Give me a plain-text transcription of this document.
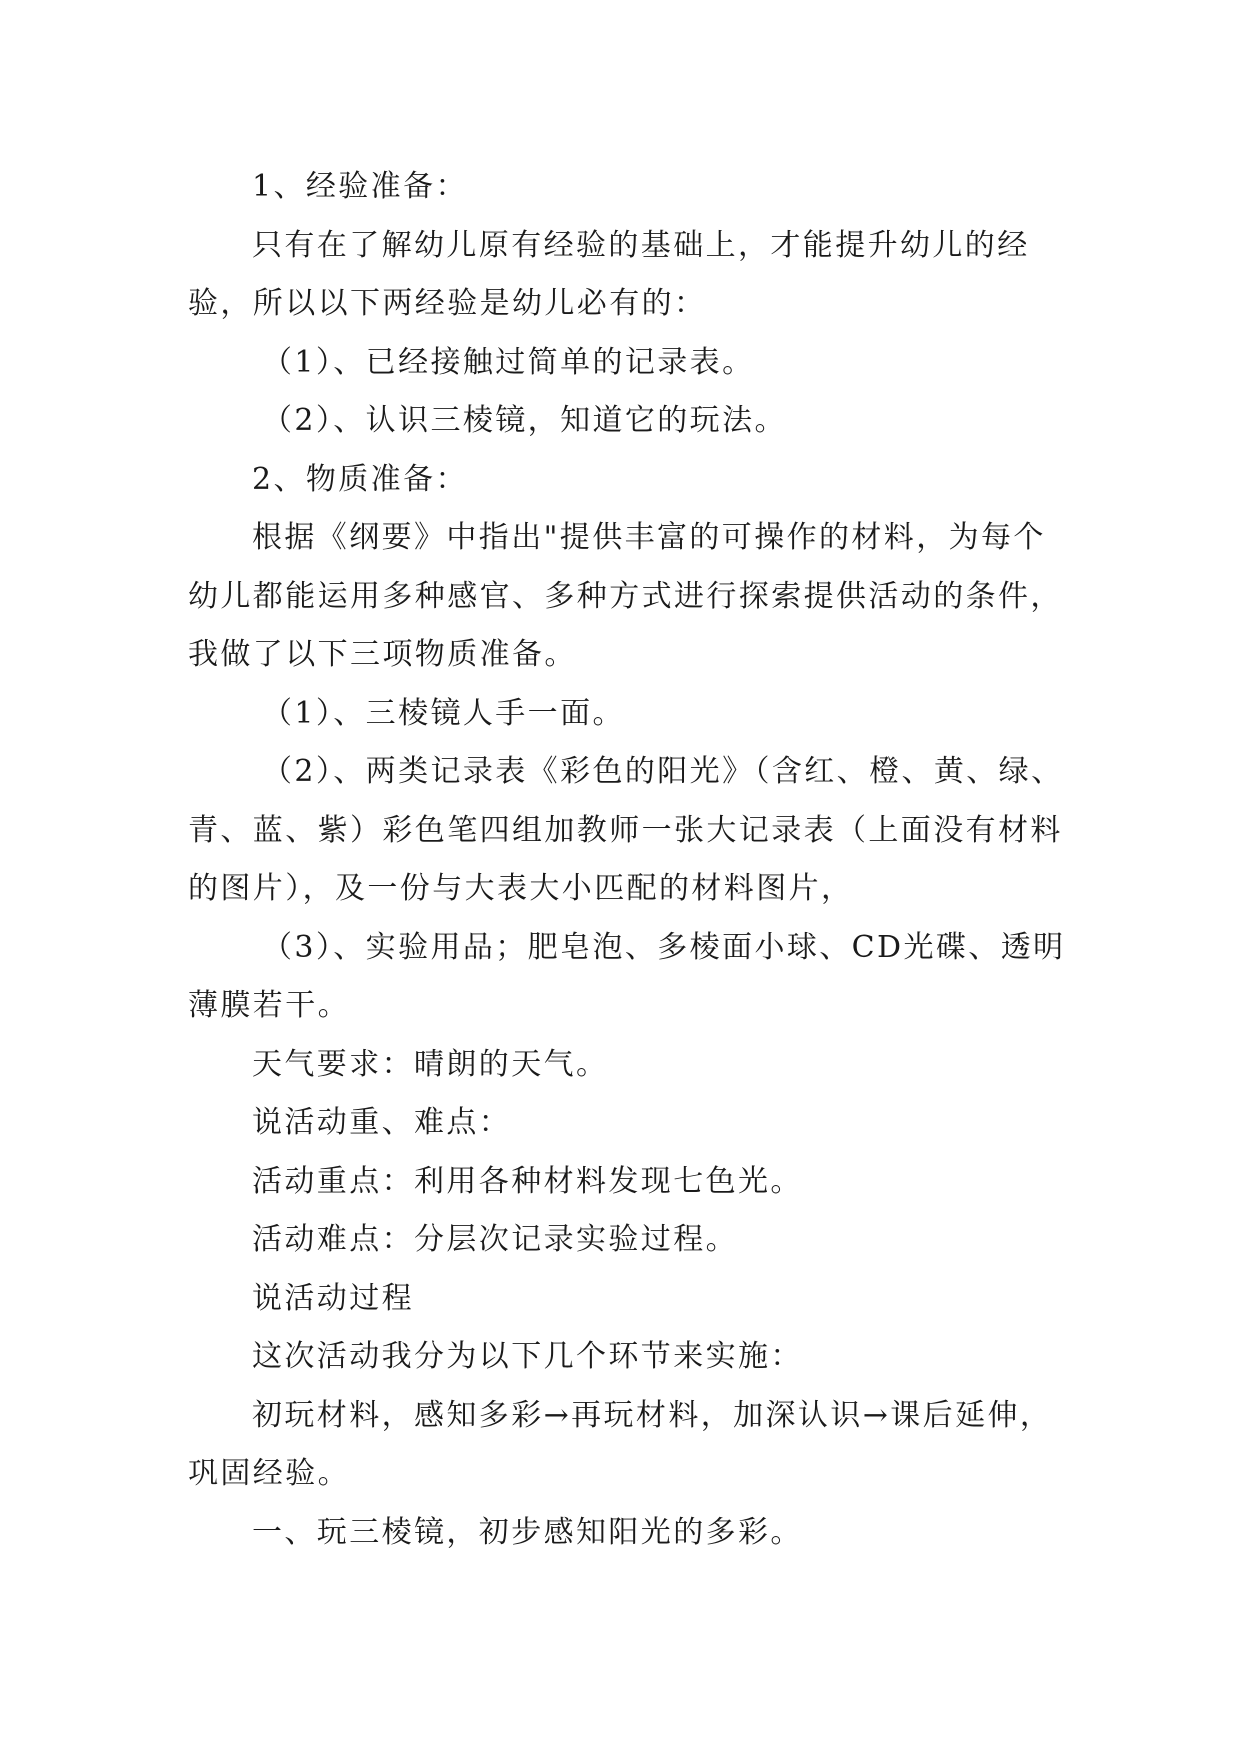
1、经验准备：

只有在了解幼儿原有经验的基础上，才能提升幼儿的经验，所以以下两经验是幼儿必有的：

（1）、已经接触过简单的记录表。

（2）、认识三棱镜，知道它的玩法。

2、物质准备：

根据《纲要》中指出"提供丰富的可操作的材料，为每个幼儿都能运用多种感官、多种方式进行探索提供活动的条件，我做了以下三项物质准备。

（1）、三棱镜人手一面。

（2）、两类记录表《彩色的阳光》（含红、橙、黄、绿、青、蓝、紫）彩色笔四组加教师一张大记录表（上面没有材料的图片），及一份与大表大小匹配的材料图片，

（3）、实验用品；肥皂泡、多棱面小球、CD光碟、透明薄膜若干。

天气要求：晴朗的天气。

说活动重、难点：

活动重点：利用各种材料发现七色光。

活动难点：分层次记录实验过程。

说活动过程

这次活动我分为以下几个环节来实施：

初玩材料，感知多彩→再玩材料，加深认识→课后延伸，巩固经验。

一、玩三棱镜，初步感知阳光的多彩。
